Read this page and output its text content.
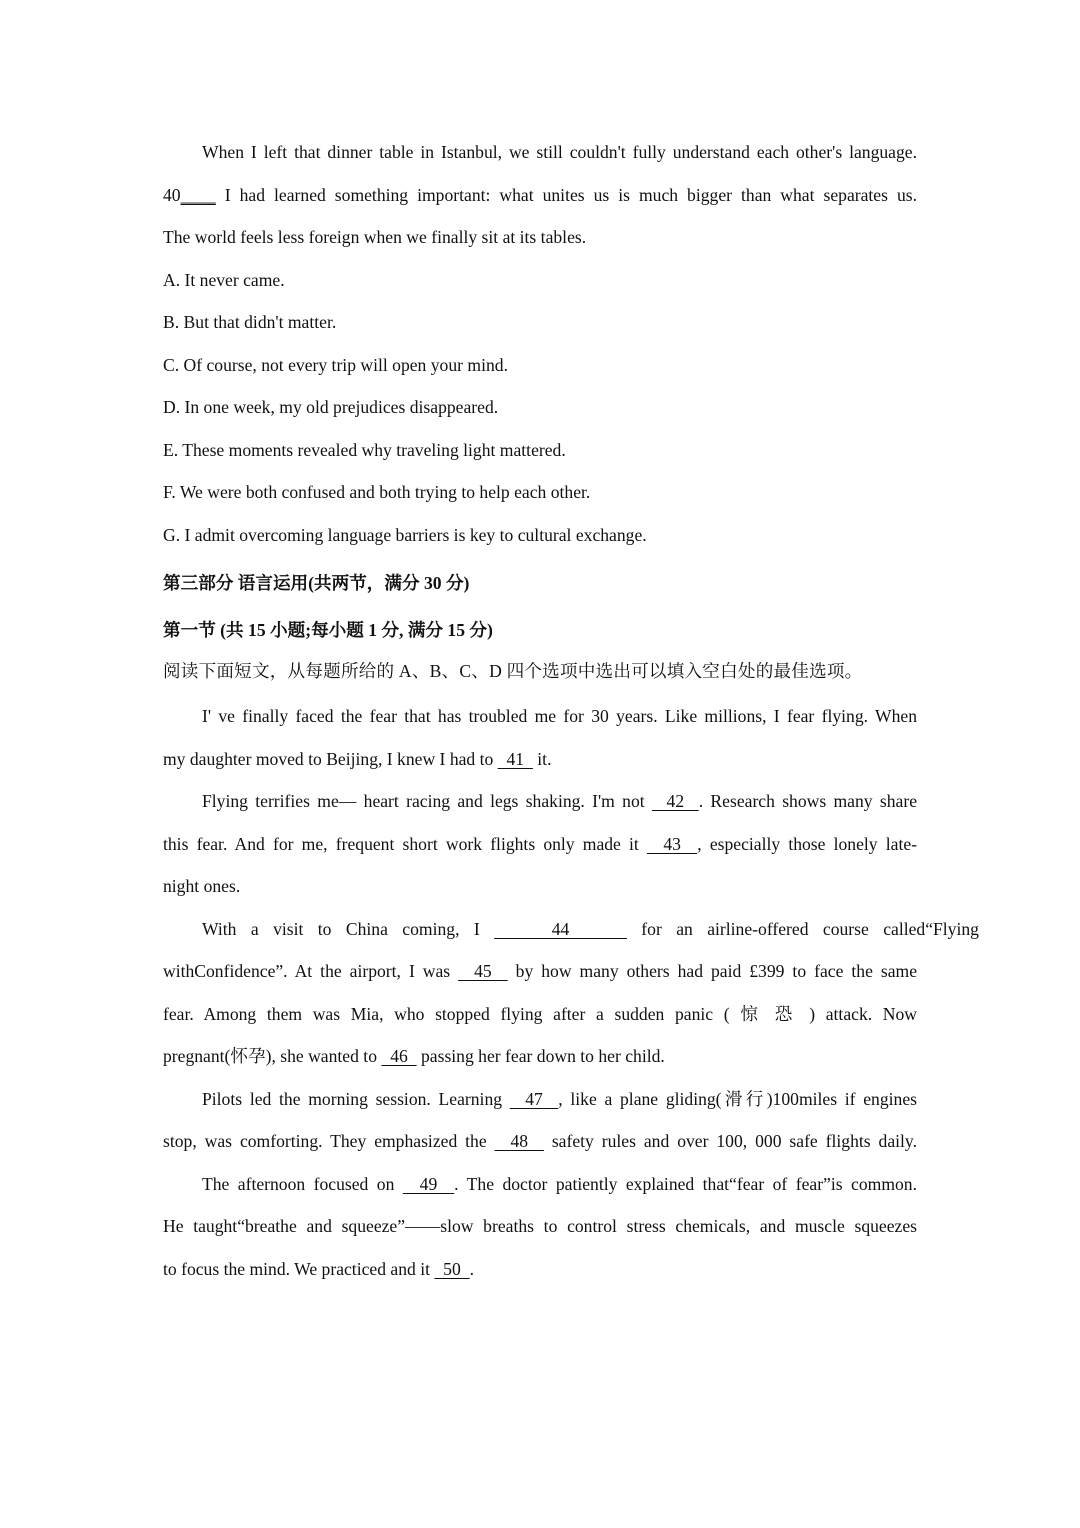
When I left that dinner table in Istanbul, we still couldn't fully understand each other's language.
40____ I had learned something important: what unites us is much bigger than what separates us.
The world feels less foreign when we finally sit at its tables.
A. It never came.
B. But that didn't matter.
C. Of course, not every trip will open your mind.
D. In one week, my old prejudices disappeared.
E. These moments revealed why traveling light mattered.
F. We were both confused and both trying to help each other.
G. I admit overcoming language barriers is key to cultural exchange.
第三部分 语言运用(共两节，满分 30 分)
第一节 (共 15 小题;每小题 1 分, 满分 15 分)
阅读下面短文，从每题所给的 A、B、C、D 四个选项中选出可以填入空白处的最佳选项。
I' ve finally faced the fear that has troubled me for 30 years. Like millions, I fear flying. When
my daughter moved to Beijing, I knew I had to   41   it.
Flying terrifies me— heart racing and legs shaking. I'm not   42  . Research shows many share
this fear. And for me, frequent short work flights only made it   43  , especially those lonely late-
night ones.
With a visit to China coming, I     44     for an airline-offered course called“Flying
withConfidence”. At the airport, I was   45   by how many others had paid £399 to face the same
fear. Among them was Mia, who stopped flying after a sudden panic ( 惊 恐 ) attack. Now
pregnant(怀孕), she wanted to   46   passing her fear down to her child.
Pilots led the morning session. Learning   47  , like a plane gliding(滑行)100miles if engines
stop, was comforting. They emphasized the   48   safety rules and over 100, 000 safe flights daily.
The afternoon focused on   49  . The doctor patiently explained that“fear of fear”is common.
He taught“breathe and squeeze”——slow breaths to control stress chemicals, and muscle squeezes
to focus the mind. We practiced and it   50  .
